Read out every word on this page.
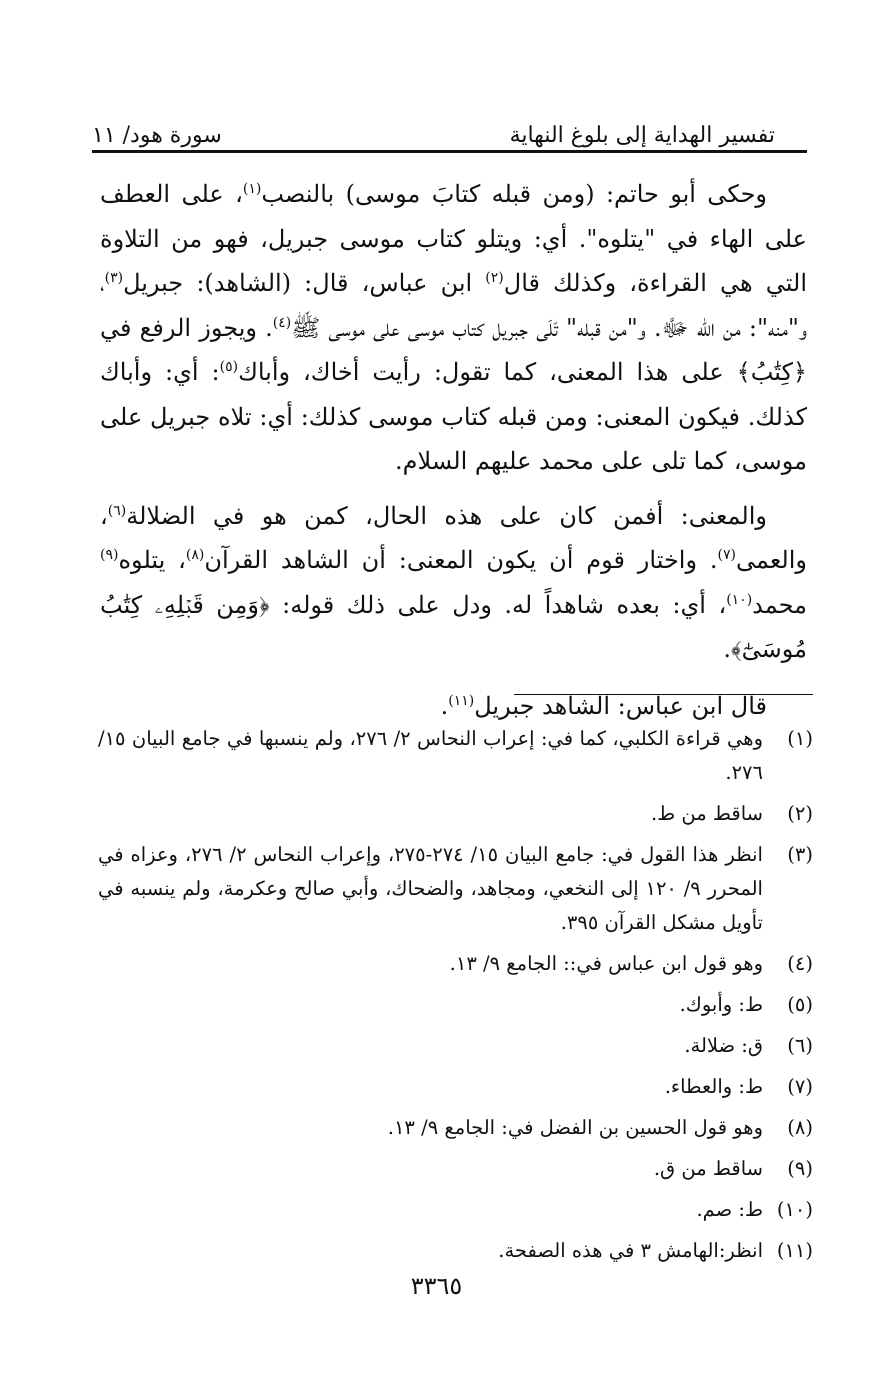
تفسير الهداية إلى بلوغ النهاية
سورة هود/ ١١

وحكى أبو حاتم: (ومن قبله كتابَ موسى) بالنصب$^{(١)}$، على العطف على الهاء في "يتلوه". أي: ويتلو كتاب موسى جبريل، فهو من التلاوة التي هي القراءة، وكذلك قال$^{(٢)}$ ابن عباس، قال: (الشاهد): جبريل$^{(٣)}$، و"منه": من الله ﷻ. و"من قبله" تَلَى جبريل كتاب موسى على موسى ﷺ$^{(٤)}$. ويجوز الرفع في ﴿كِتَٰبُ﴾ على هذا المعنى، كما تقول: رأيت أخاك، وأباك$^{(٥)}$: أي: وأباك كذلك. فيكون المعنى: ومن قبله كتاب موسى كذلك: أي: تلاه جبريل على موسى، كما تلى على محمد عليهم السلام.

والمعنى: أفمن كان على هذه الحال، كمن هو في الضلالة$^{(٦)}$، والعمى$^{(٧)}$. واختار قوم أن يكون المعنى: أن الشاهد القرآن$^{(٨)}$، يتلوه$^{(٩)}$ محمد$^{(١٠)}$، أي: بعده شاهداً له. ودل على ذلك قوله: ﴿وَمِن قَبۡلِهِۦ كِتَٰبُ مُوسَىٰٓ﴾.

قال ابن عباس: الشاهد جبريل$^{(١١)}$.

(١)
وهي قراءة الكلبي، كما في: إعراب النحاس ٢/ ٢٧٦، ولم ينسبها في جامع البيان ١٥/ ٢٧٦.
(٢)
ساقط من ط.
(٣)
انظر هذا القول في: جامع البيان ١٥/ ٢٧٤-٢٧٥، وإعراب النحاس ٢/ ٢٧٦، وعزاه في المحرر ٩/ ١٢٠ إلى النخعي، ومجاهد، والضحاك، وأبي صالح وعكرمة، ولم ينسبه في تأويل مشكل القرآن ٣٩٥.
(٤)
وهو قول ابن عباس في:: الجامع ٩/ ١٣.
(٥)
ط: وأبوك.
(٦)
ق: ضلالة.
(٧)
ط: والعطاء.
(٨)
وهو قول الحسين بن الفضل في: الجامع ٩/ ١٣.
(٩)
ساقط من ق.
(١٠)
ط: صم.
(١١)
انظر:الهامش ٣ في هذه الصفحة.
٣٣٦٥
